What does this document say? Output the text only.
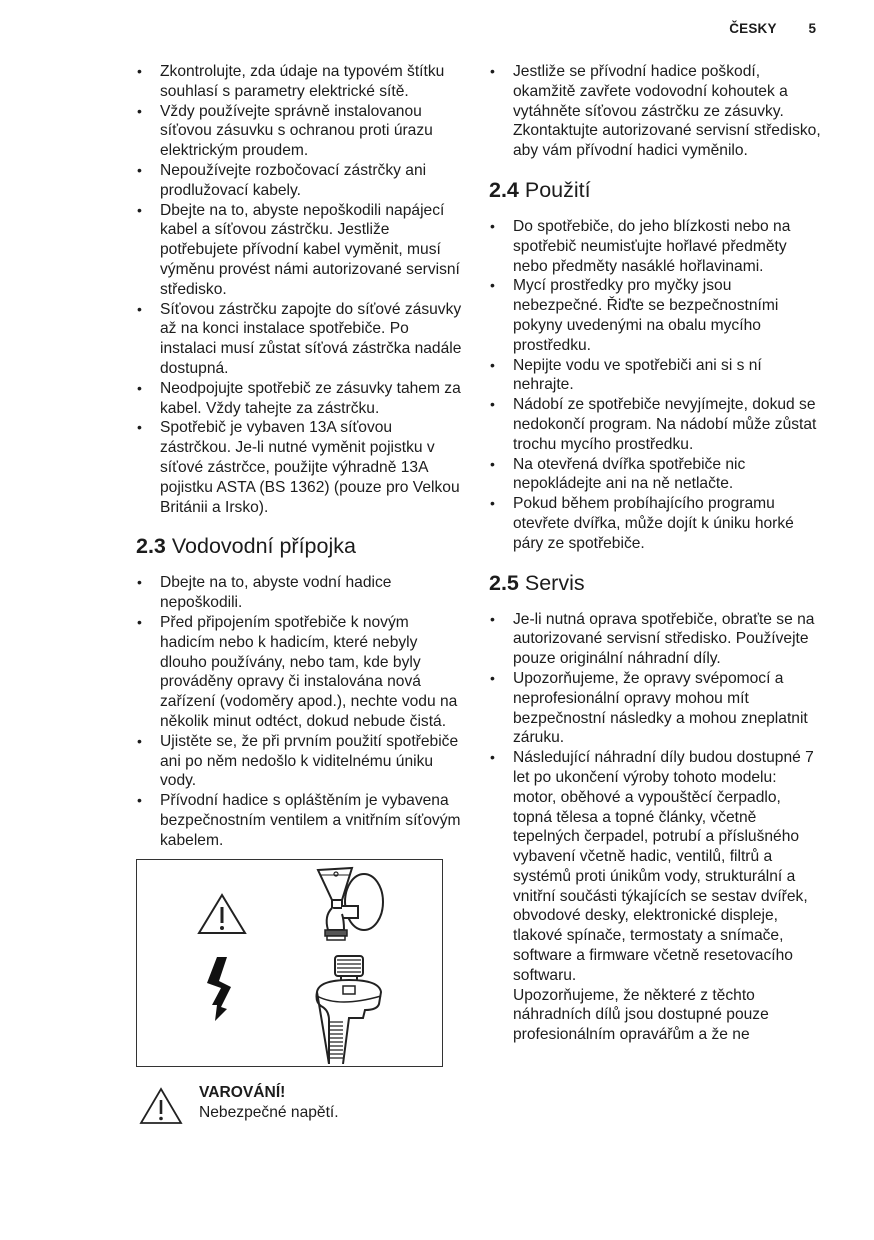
ČESKY 5
• Zkontrolujte, zda údaje na typovém štítku souhlasí s parametry elektrické sítě.
• Vždy používejte správně instalovanou síťovou zásuvku s ochranou proti úrazu elektrickým proudem.
• Nepoužívejte rozbočovací zástrčky ani prodlužovací kabely.
• Dbejte na to, abyste nepoškodili napájecí kabel a síťovou zástrčku. Jestliže potřebujete přívodní kabel vyměnit, musí výměnu provést námi autorizované servisní středisko.
• Síťovou zástrčku zapojte do síťové zásuvky až na konci instalace spotřebiče. Po instalaci musí zůstat síťová zástrčka nadále dostupná.
• Neodpojujte spotřebič ze zásuvky tahem za kabel. Vždy tahejte za zástrčku.
• Spotřebič je vybaven 13A síťovou zástrčkou. Je-li nutné vyměnit pojistku v síťové zástrčce, použijte výhradně 13A pojistku ASTA (BS 1362) (pouze pro Velkou Británii a Irsko).
2.3 Vodovodní přípojka
• Dbejte na to, abyste vodní hadice nepoškodili.
• Před připojením spotřebiče k novým hadicím nebo k hadicím, které nebyly dlouho používány, nebo tam, kde byly prováděny opravy či instalována nová zařízení (vodoměry apod.), nechte vodu na několik minut odtéct, dokud nebude čistá.
• Ujistěte se, že při prvním použití spotřebiče ani po něm nedošlo k viditelnému úniku vody.
• Přívodní hadice s opláštěním je vybavena bezpečnostním ventilem a vnitřním síťovým kabelem.
VAROVÁNÍ!
Nebezpečné napětí.
• Jestliže se přívodní hadice poškodí, okamžitě zavřete vodovodní kohoutek a vytáhněte síťovou zástrčku ze zásuvky. Zkontaktujte autorizované servisní středisko, aby vám přívodní hadici vyměnilo.
2.4 Použití
• Do spotřebiče, do jeho blízkosti nebo na spotřebič neumisťujte hořlavé předměty nebo předměty nasáklé hořlavinami.
• Mycí prostředky pro myčky jsou nebezpečné. Řiďte se bezpečnostními pokyny uvedenými na obalu mycího prostředku.
• Nepijte vodu ve spotřebiči ani si s ní nehrajte.
• Nádobí ze spotřebiče nevyjímejte, dokud se nedokončí program. Na nádobí může zůstat trochu mycího prostředku.
• Na otevřená dvířka spotřebiče nic nepokládejte ani na ně netlačte.
• Pokud během probíhajícího programu otevřete dvířka, může dojít k úniku horké páry ze spotřebiče.
2.5 Servis
• Je-li nutná oprava spotřebiče, obraťte se na autorizované servisní středisko. Používejte pouze originální náhradní díly.
• Upozorňujeme, že opravy svépomocí a neprofesionální opravy mohou mít bezpečnostní následky a mohou zneplatnit záruku.
• Následující náhradní díly budou dostupné 7 let po ukončení výroby tohoto modelu: motor, oběhové a vypouštěcí čerpadlo, topná tělesa a topné články, včetně tepelných čerpadel, potrubí a příslušného vybavení včetně hadic, ventilů, filtrů a systémů proti únikům vody, strukturální a vnitřní součásti týkajících se sestav dvířek, obvodové desky, elektronické displeje, tlakové spínače, termostaty a snímače, software a firmware včetně resetovacího softwaru.
Upozorňujeme, že některé z těchto náhradních dílů jsou dostupné pouze profesionálním opravářům a že ne
